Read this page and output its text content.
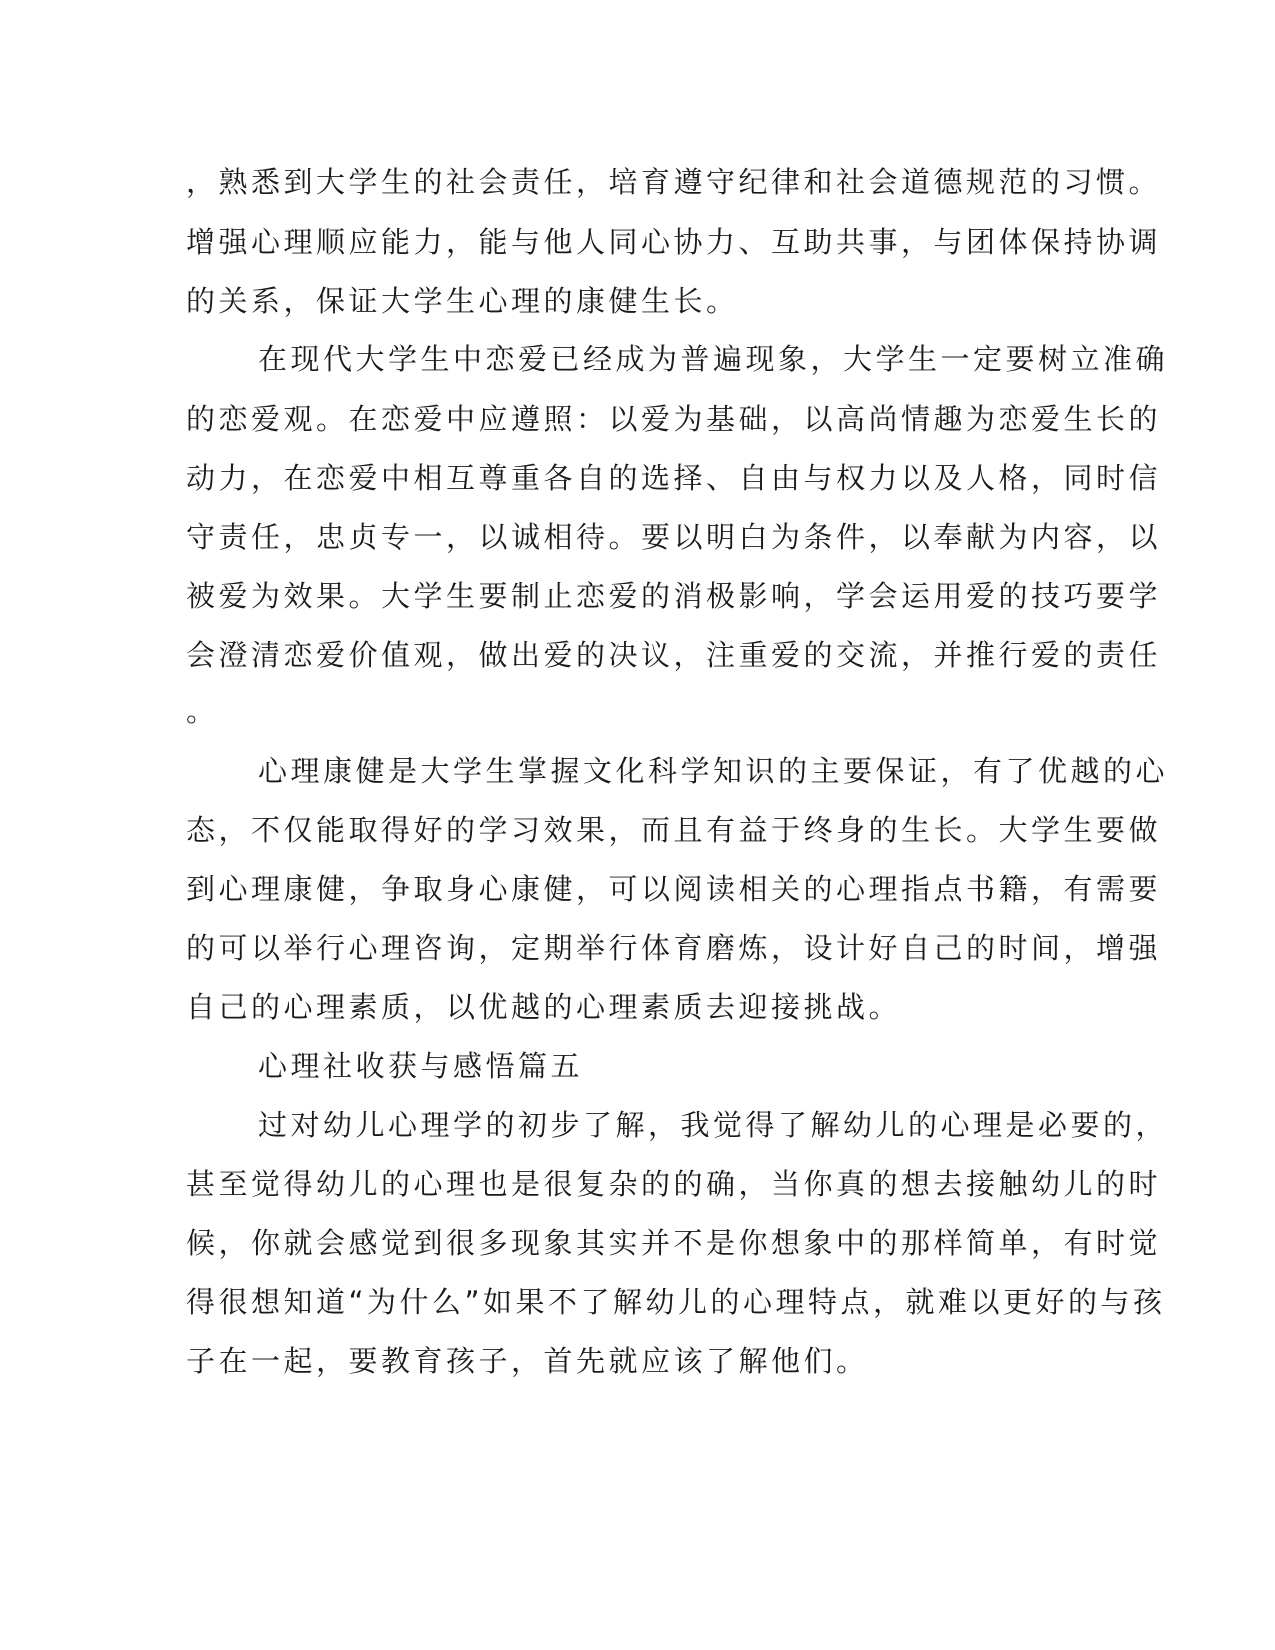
，熟悉到大学生的社会责任，培育遵守纪律和社会道德规范的习惯。
增强心理顺应能力，能与他人同心协力、互助共事，与团体保持协调
的关系，保证大学生心理的康健生长。
在现代大学生中恋爱已经成为普遍现象，大学生一定要树立准确
的恋爱观。在恋爱中应遵照：以爱为基础，以高尚情趣为恋爱生长的
动力，在恋爱中相互尊重各自的选择、自由与权力以及人格，同时信
守责任，忠贞专一，以诚相待。要以明白为条件，以奉献为内容，以
被爱为效果。大学生要制止恋爱的消极影响，学会运用爱的技巧要学
会澄清恋爱价值观，做出爱的决议，注重爱的交流，并推行爱的责任
。
心理康健是大学生掌握文化科学知识的主要保证，有了优越的心
态，不仅能取得好的学习效果，而且有益于终身的生长。大学生要做
到心理康健，争取身心康健，可以阅读相关的心理指点书籍，有需要
的可以举行心理咨询，定期举行体育磨炼，设计好自己的时间，增强
自己的心理素质，以优越的心理素质去迎接挑战。
心理社收获与感悟篇五
过对幼儿心理学的初步了解，我觉得了解幼儿的心理是必要的，
甚至觉得幼儿的心理也是很复杂的的确，当你真的想去接触幼儿的时
候，你就会感觉到很多现象其实并不是你想象中的那样简单，有时觉
得很想知道“为什么”如果不了解幼儿的心理特点，就难以更好的与孩
子在一起，要教育孩子，首先就应该了解他们。
